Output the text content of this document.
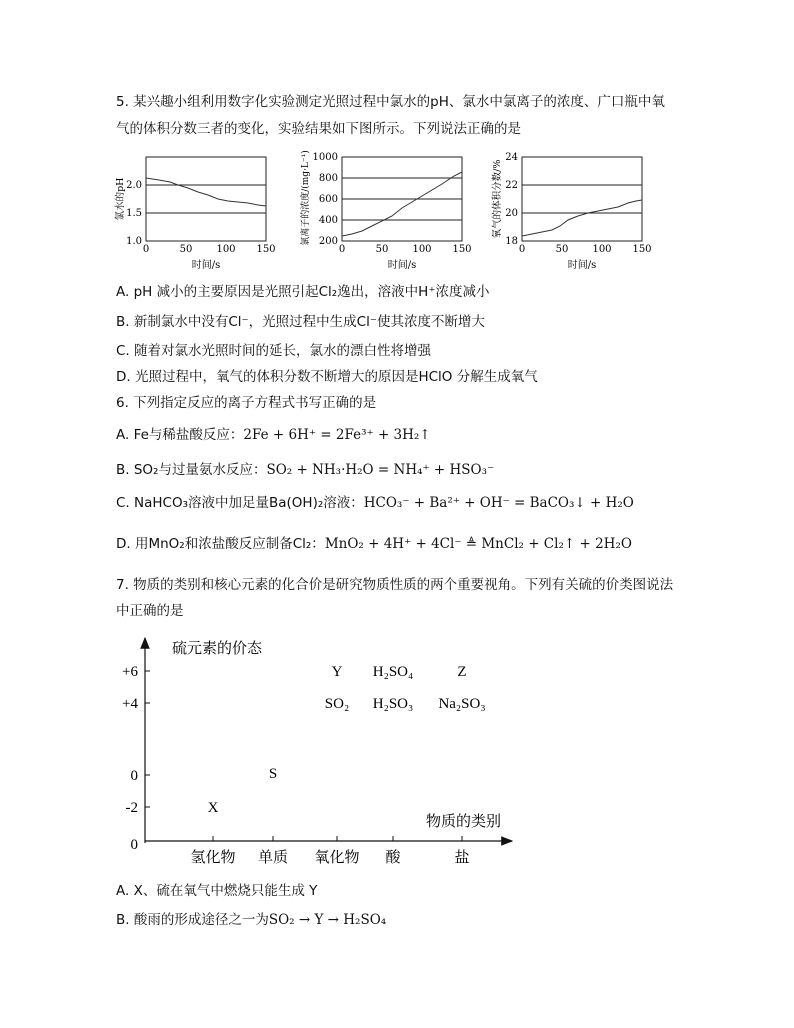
5. 某兴趣小组利用数字化实验测定光照过程中氯水的pH、氯水中氯离子的浓度、广口瓶中氧
气的体积分数三者的变化，实验结果如下图所示。下列说法正确的是
2.0
1.5
1.0
0	50 100 150
时间/s
氯水的pH
1000
800
600
400
200
0	50 100 150
时间/s
氯离子的浓度/(mg·L⁻¹)	24
22
20
18
0	50 100 150
时间/s
氧气的体积分数/%
A. pH 减小的主要原因是光照引起Cl₂逸出，溶液中H⁺浓度减小
B. 新制氯水中没有Cl⁻，光照过程中生成Cl⁻使其浓度不断增大
C. 随着对氯水光照时间的延长，氯水的漂白性将增强
D. 光照过程中，氧气的体积分数不断增大的原因是HClO 分解生成氧气
6. 下列指定反应的离子方程式书写正确的是
A. Fe与稀盐酸反应：2Fe + 6H⁺ = 2Fe³⁺ + 3H₂↑
B. SO₂与过量氨水反应：SO₂ + NH₃·H₂O = NH₄⁺ + HSO₃⁻
C. NaHCO₃溶液中加足量Ba(OH)₂溶液：HCO₃⁻ + Ba²⁺ + OH⁻ = BaCO₃↓ + H₂O
D. 用MnO₂和浓盐酸反应制备Cl₂：MnO₂ + 4H⁺ + 4Cl⁻ ≜ MnCl₂ + Cl₂↑ + 2H₂O
7. 物质的类别和核心元素的化合价是研究物质性质的两个重要视角。下列有关硫的价类图说法
中正确的是
硫元素的价态
物质的类别
+6
+4
0
-2
0
氢化物 单质 氧化物 酸	盐
X
S
Y H₂SO₄	Z
SO₂ H₂SO₃ Na₂SO₃
A. X、硫在氧气中燃烧只能生成 Y
B. 酸雨的形成途径之一为SO₂ → Y → H₂SO₄
